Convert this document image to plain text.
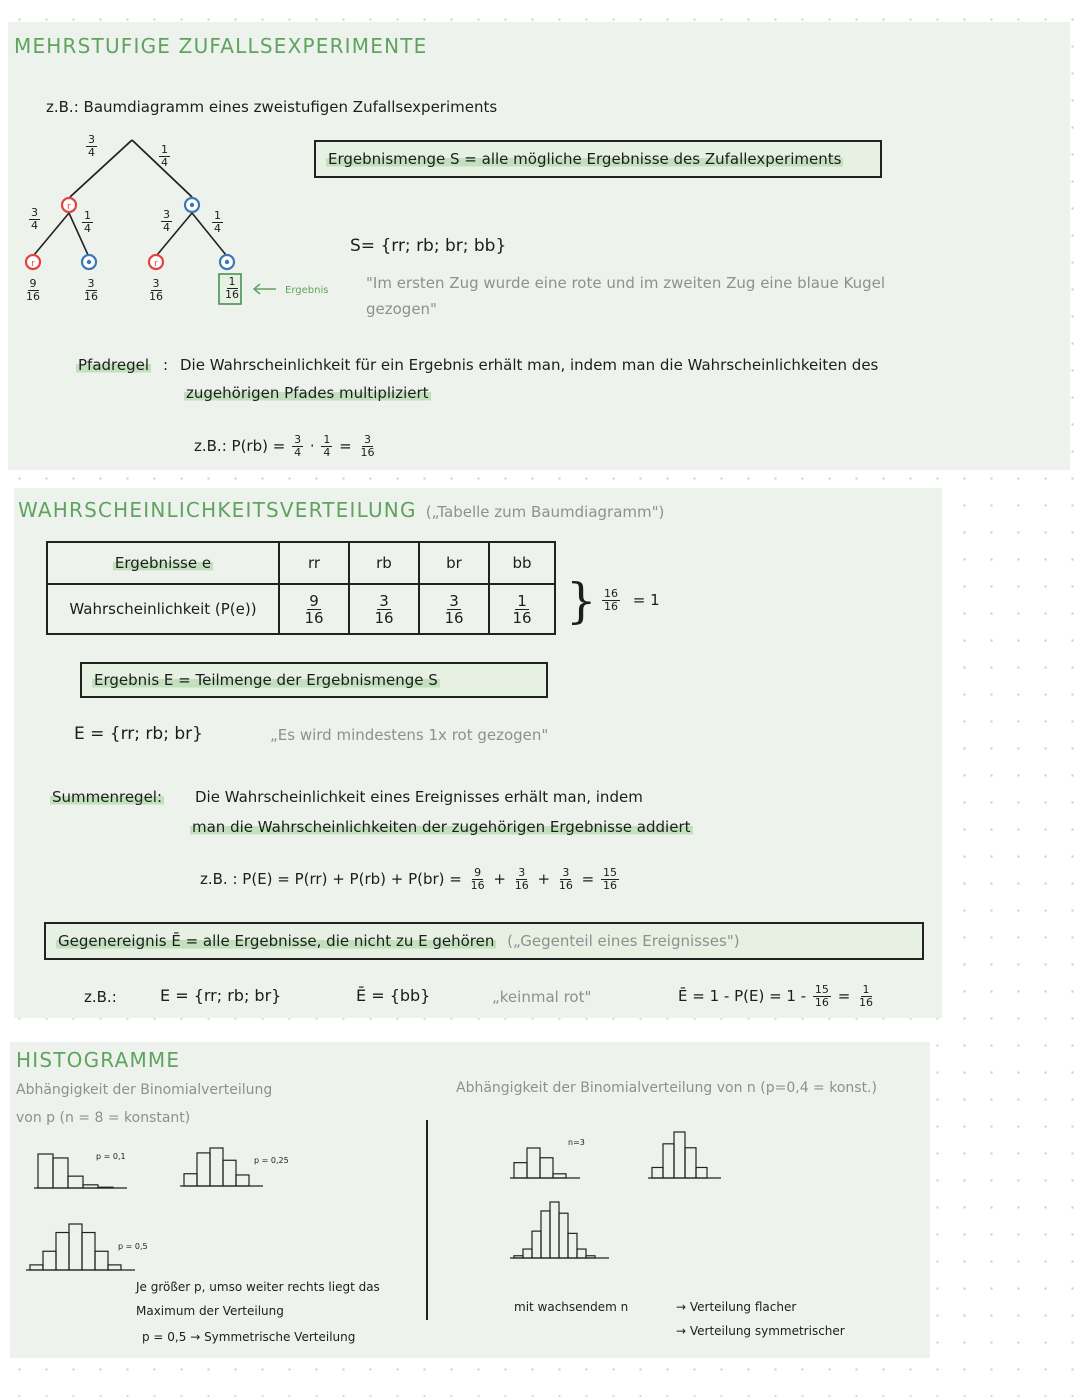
MEHRSTUFIGE ZUFALLSEXPERIMENTE
z.B.: Baumdiagramm eines zweistufigen Zufallsexperiments
r
r	r
Ergebnis
$\frac{3}{4}$	$\frac{1}{4}$
$\frac{3}{4}$	$\frac{1}{4}$	$\frac{3}{4}$	$\frac{1}{4}$
$\frac{9}{16}$	$\frac{3}{16}$	$\frac{3}{16}$	$\frac{1}{16}$
Ergebnismenge S = alle mögliche Ergebnisse des Zufallexperiments
S= {rr; rb; br; bb}
"Im ersten Zug wurde eine rote und im zweiten Zug eine blaue Kugel gezogen"
Pfadregel : Die Wahrscheinlichkeit für ein Ergebnis erhält man, indem man die Wahrscheinlichkeiten des
zugehörigen Pfades multipliziert
z.B.: $P(rb) = \frac{3}{4} \cdot \frac{1}{4} = \frac{3}{16}$
WAHRSCHEINLICHKEITSVERTEILUNG („Tabelle zum Baumdiagramm")
Ergebnisse e	rr	rb	br	bb
Wahrscheinlichkeit (P(e))	$\frac{9}{16}$	$\frac{3}{16}$	$\frac{3}{16}$	$\frac{1}{16}$ } $\frac{16}{16} = 1$
Ergebnis E = Teilmenge der Ergebnismenge S
E = {rr; rb; br}	„Es wird mindestens 1x rot gezogen"
Summenregel: Die Wahrscheinlichkeit eines Ereignisses erhält man, indem
man die Wahrscheinlichkeiten der zugehörigen Ergebnisse addiert
z.B. : $P(E) = P(rr) + P(rb) + P(br) = \frac{9}{16} + \frac{3}{16} + \frac{3}{16} = \frac{15}{16}$
Gegenereignis Ē = alle Ergebnisse, die nicht zu E gehören („Gegenteil eines Ereignisses")
z.B.:	E = {rr; rb; br}	Ē = {bb}	„keinmal rot"	Ē = $1 - P(E) = 1 - \frac{15}{16} = \frac{1}{16}$
HISTOGRAMME
Abhängigkeit der Binomialverteilung
von p (n = 8 = konstant)
Abhängigkeit der Binomialverteilung von n (p=0,4 = konst.)
p = 0,1	p = 0,25
p = 0,5
n=3
Je größer p, umso weiter rechts liegt das
Maximum der Verteilung
p = 0,5 → Symmetrische Verteilung
mit wachsendem n	→ Verteilung flacher
→ Verteilung symmetrischer
